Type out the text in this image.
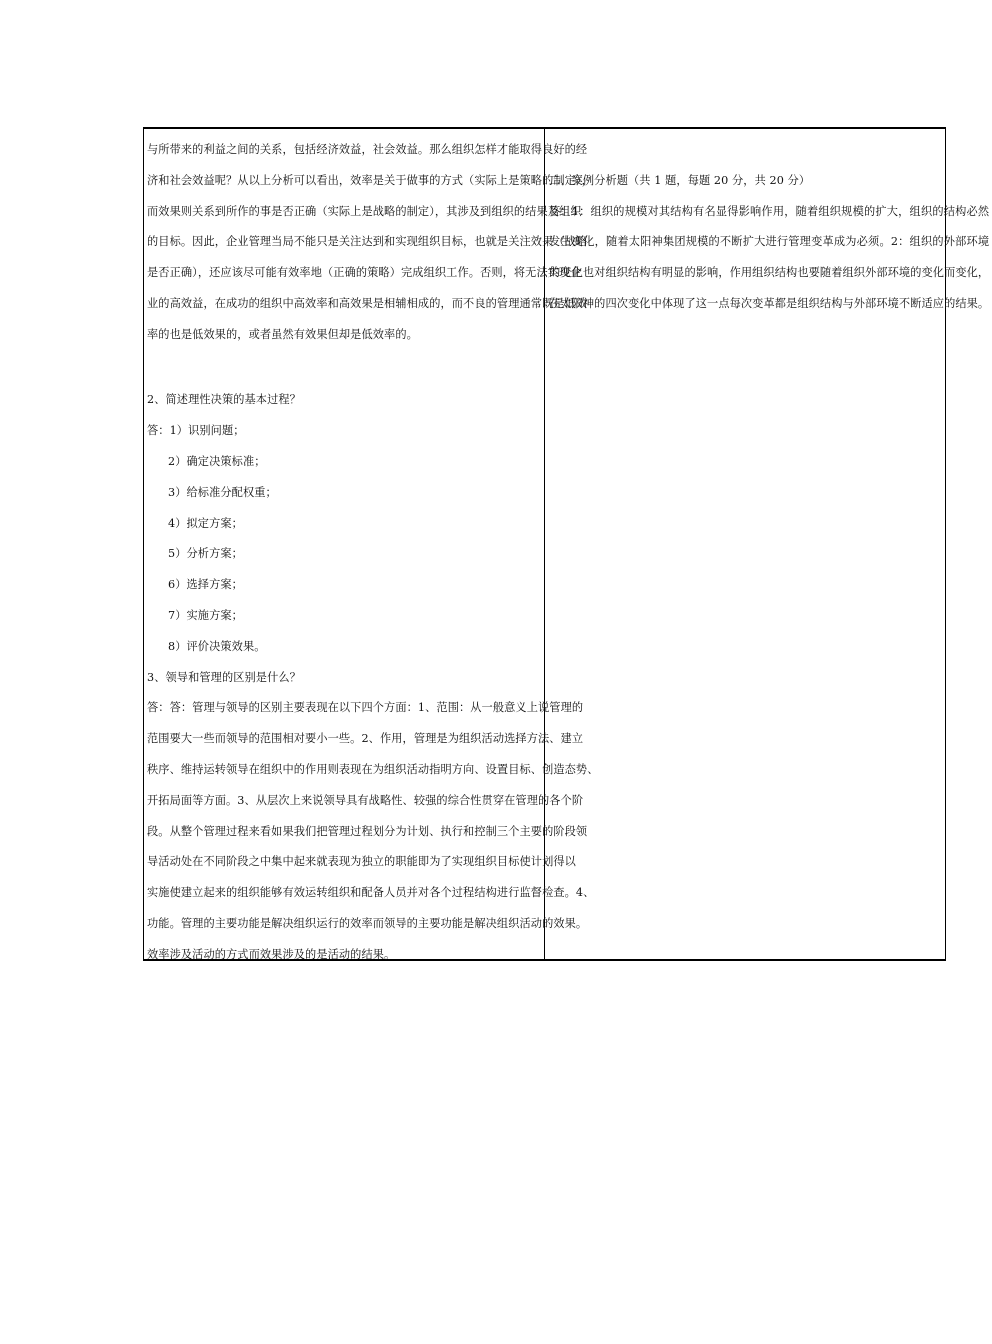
与所带来的利益之间的关系，包括经济效益，社会效益。那么组织怎样才能取得良好的经
济和社会效益呢？从以上分析可以看出，效率是关于做事的方式（实际上是策略的制定），
而效果则关系到所作的事是否正确（实际上是战略的制定），其涉及到组织的结果及组织
的目标。因此，企业管理当局不能只是关注达到和实现组织目标，也就是关注效果（战略
是否正确），还应该尽可能有效率地（正确的策略）完成组织工作。否则，将无法实现企
业的高效益，在成功的组织中高效率和高效果是相辅相成的，而不良的管理通常既是低效
率的也是低效果的，或者虽然有效果但却是低效率的。
2、简述理性决策的基本过程？
答：1）识别问题；
2）确定决策标准；
3）给标准分配权重；
4）拟定方案；
5）分析方案；
6）选择方案；
7）实施方案；
8）评价决策效果。
3、领导和管理的区别是什么？
答：答：管理与领导的区别主要表现在以下四个方面：1、范围：从一般意义上说管理的
范围要大一些而领导的范围相对要小一些。2、作用，管理是为组织活动选择方法、建立
秩序、维持运转领导在组织中的作用则表现在为组织活动指明方向、设置目标、创造态势、
开拓局面等方面。3、从层次上来说领导具有战略性、较强的综合性贯穿在管理的各个阶
段。从整个管理过程来看如果我们把管理过程划分为计划、执行和控制三个主要的阶段领
导活动处在不同阶段之中集中起来就表现为独立的职能即为了实现组织目标使计划得以
实施使建立起来的组织能够有效运转组织和配备人员并对各个过程结构进行监督检查。4、
功能。管理的主要功能是解决组织运行的效率而领导的主要功能是解决组织活动的效果。
效率涉及活动的方式而效果涉及的是活动的结果。
二、案例分析题（共 1 题，每题 20 分，共 20 分）
答：1：组织的规模对其结构有名显得影响作用，随着组织规模的扩大，组织的结构必然
发生变化，随着太阳神集团规模的不断扩大进行管理变革成为必须。2：组织的外部环境
的变化也对组织结构有明显的影响，作用组织结构也要随着组织外部环境的变化而变化，
在太阳神的四次变化中体现了这一点每次变革都是组织结构与外部环境不断适应的结果。
